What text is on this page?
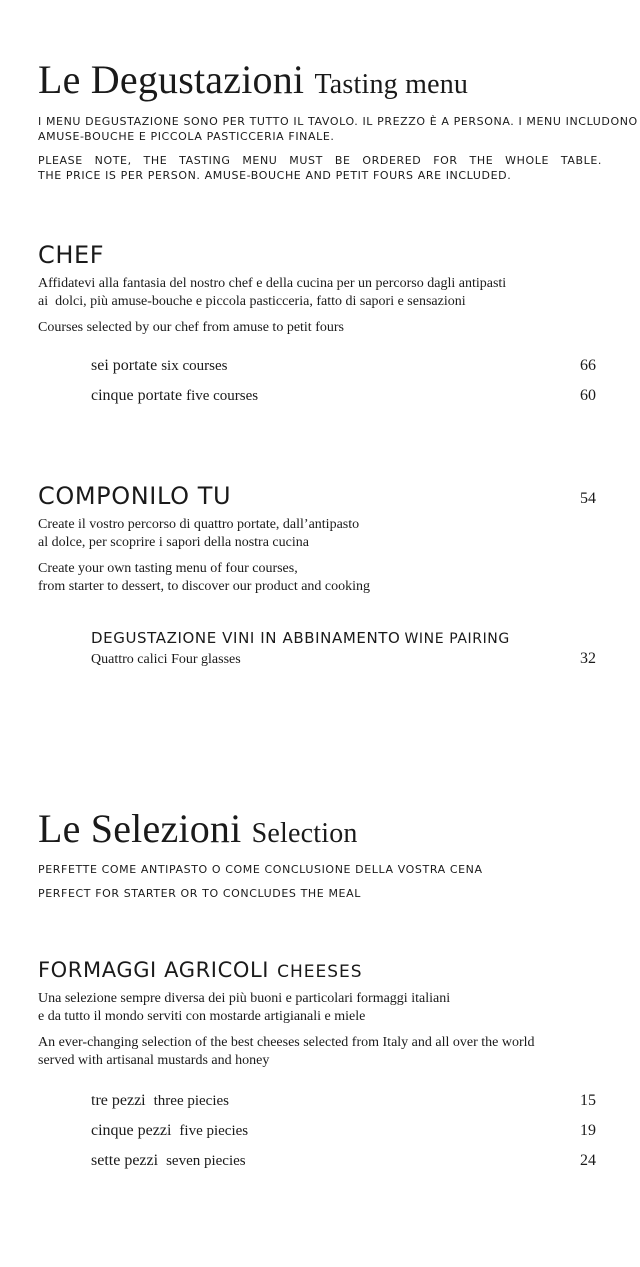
Le Degustazioni Tasting menu
I MENU DEGUSTAZIONE SONO PER TUTTO IL TAVOLO. IL PREZZO È A PERSONA. I MENU INCLUDONO
AMUSE-BOUCHE E PICCOLA PASTICCERIA FINALE.
PLEASE NOTE, THE TASTING MENU MUST BE ORDERED FOR THE WHOLE TABLE.
THE PRICE IS PER PERSON. AMUSE-BOUCHE AND PETIT FOURS ARE INCLUDED.
CHEF
Affidatevi alla fantasia del nostro chef e della cucina per un percorso dagli antipasti
ai  dolci, più amuse-bouche e piccola pasticceria, fatto di sapori e sensazioni
Courses selected by our chef from amuse to petit fours
sei portate six courses	66
cinque portate five courses	60
COMPONILO TU	54
Create il vostro percorso di quattro portate, dall’antipasto
al dolce, per scoprire i sapori della nostra cucina
Create your own tasting menu of four courses,
from starter to dessert, to discover our product and cooking
DEGUSTAZIONE VINI IN ABBINAMENTO WINE PAIRING
Quattro calici Four glasses	32
Le Selezioni Selection
PERFETTE COME ANTIPASTO O COME CONCLUSIONE DELLA VOSTRA CENA
PERFECT FOR STARTER OR TO CONCLUDES THE MEAL
FORMAGGI AGRICOLI CHEESES
Una selezione sempre diversa dei più buoni e particolari formaggi italiani
e da tutto il mondo serviti con mostarde artigianali e miele
An ever-changing selection of the best cheeses selected from Italy and all over the world
served with artisanal mustards and honey
tre pezzi three piecies	15
cinque pezzi five piecies	19
sette pezzi seven piecies	24
